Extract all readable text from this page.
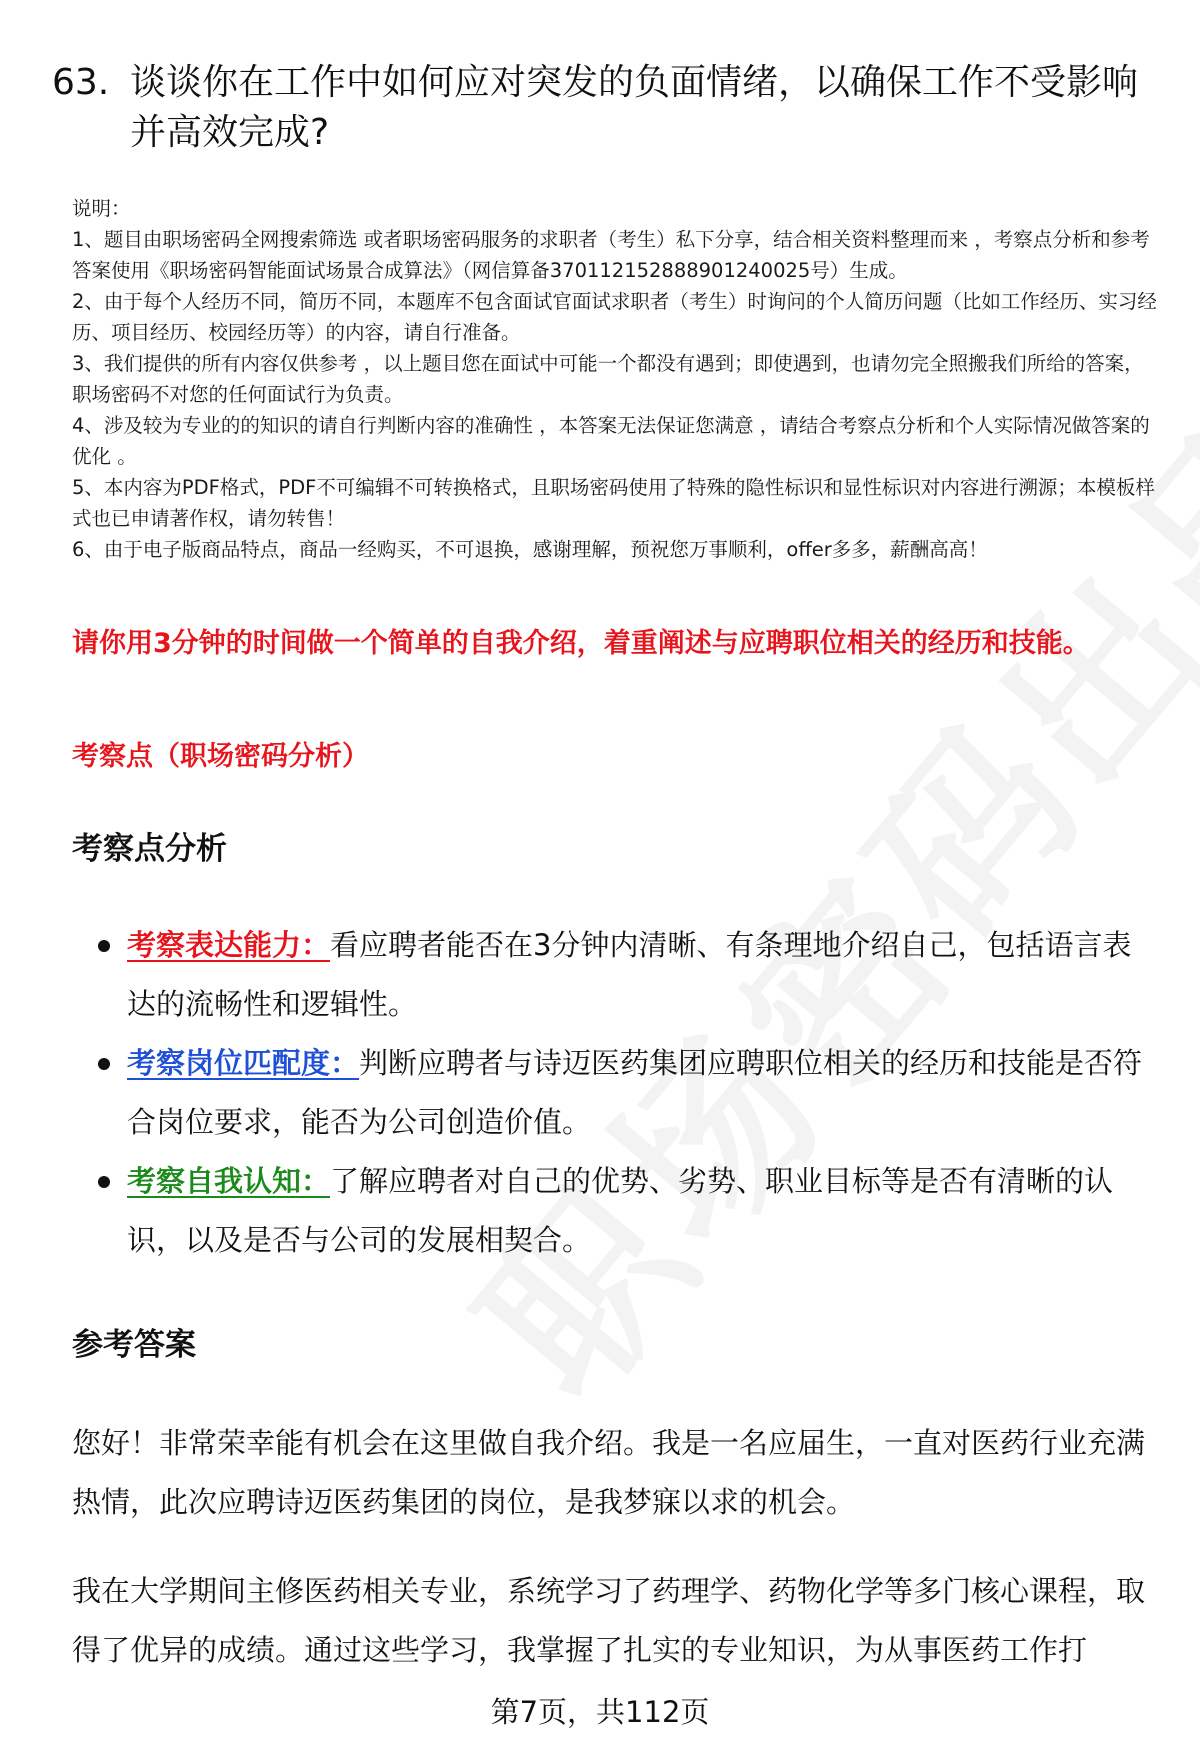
63. 谈谈你在工作中如何应对突发的负面情绪，以确保工作不受影响并高效完成?

说明：

1、题目由职场密码全网搜索筛选 或者职场密码服务的求职者（考生）私下分享，结合相关资料整理而来 ，考察点分析和参考答案使用《职场密码智能面试场景合成算法》（网信算备370112152888901240025号）生成。

2、由于每个人经历不同，简历不同，本题库不包含面试官面试求职者（考生）时询问的个人简历问题（比如工作经历、实习经历、项目经历、校园经历等）的内容，请自行准备。

3、我们提供的所有内容仅供参考 ，以上题目您在面试中可能一个都没有遇到；即使遇到，也请勿完全照搬我们所给的答案，职场密码不对您的任何面试行为负责。

4、涉及较为专业的的知识的请自行判断内容的准确性 ，本答案无法保证您满意 ，请结合考察点分析和个人实际情况做答案的优化 。

5、本内容为PDF格式，PDF不可编辑不可转换格式，且职场密码使用了特殊的隐性标识和显性标识对内容进行溯源；本模板样式也已申请著作权，请勿转售！

6、由于电子版商品特点，商品一经购买，不可退换，感谢理解，预祝您万事顺利，offer多多，薪酬高高！

请你用3分钟的时间做一个简单的自我介绍，着重阐述与应聘职位相关的经历和技能。

考察点（职场密码分析）

考察点分析
考察表达能力：看应聘者能否在3分钟内清晰、有条理地介绍自己，包括语言表达的流畅性和逻辑性。
考察岗位匹配度：判断应聘者与诗迈医药集团应聘职位相关的经历和技能是否符合岗位要求，能否为公司创造价值。
考察自我认知：了解应聘者对自己的优势、劣势、职业目标等是否有清晰的认识，以及是否与公司的发展相契合。
参考答案

您好！非常荣幸能有机会在这里做自我介绍。我是一名应届生，一直对医药行业充满热情，此次应聘诗迈医药集团的岗位，是我梦寐以求的机会。

我在大学期间主修医药相关专业，系统学习了药理学、药物化学等多门核心课程，取得了优异的成绩。通过这些学习，我掌握了扎实的专业知识，为从事医药工作打

第7页，共112页
